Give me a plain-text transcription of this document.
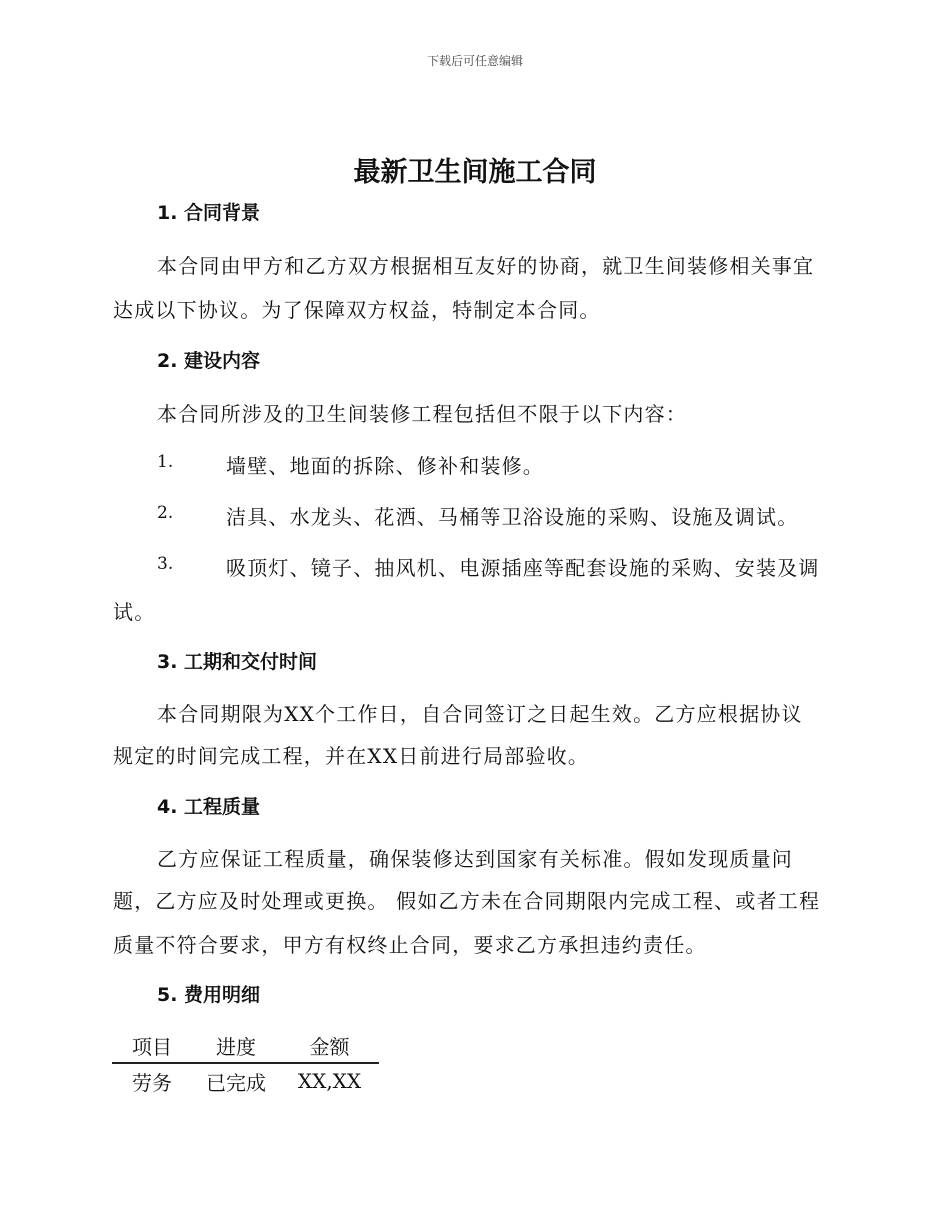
下载后可任意编辑
最新卫生间施工合同
1. 合同背景
本合同由甲方和乙方双方根据相互友好的协商，就卫生间装修相关事宜
达成以下协议。为了保障双方权益，特制定本合同。
2. 建设内容
本合同所涉及的卫生间装修工程包括但不限于以下内容：
1.	墙壁、地面的拆除、修补和装修。
2.	洁具、水龙头、花洒、马桶等卫浴设施的采购、设施及调试。
3.	吸顶灯、镜子、抽风机、电源插座等配套设施的采购、安装及调
试。
3. 工期和交付时间
本合同期限为XX个工作日，自合同签订之日起生效。乙方应根据协议
规定的时间完成工程，并在XX日前进行局部验收。
4. 工程质量
乙方应保证工程质量，确保装修达到国家有关标准。假如发现质量问
题，乙方应及时处理或更换。 假如乙方未在合同期限内完成工程、或者工程
质量不符合要求，甲方有权终止合同，要求乙方承担违约责任。
5. 费用明细
项目	进度	金额
劳务	已完成	XX,XX
